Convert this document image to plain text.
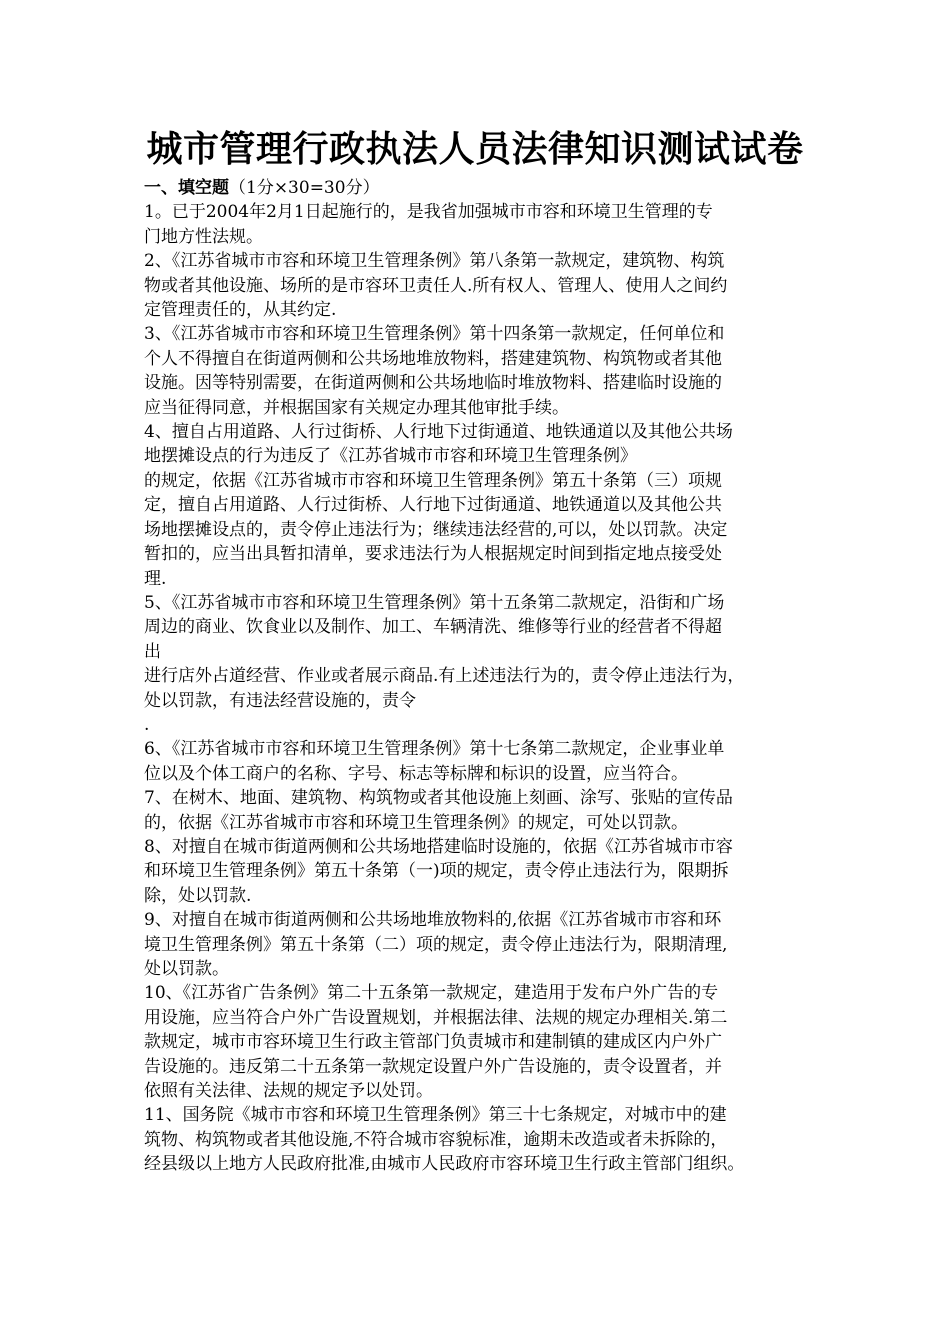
城市管理行政执法人员法律知识测试试卷

一、填空题（1分×30=30分）

1。已于2004年2月1日起施行的，是我省加强城市市容和环境卫生管理的专
门地方性法规。

2、《江苏省城市市容和环境卫生管理条例》第八条第一款规定，建筑物、构筑
物或者其他设施、场所的是市容环卫责任人.所有权人、管理人、使用人之间约
定管理责任的，从其约定.

3、《江苏省城市市容和环境卫生管理条例》第十四条第一款规定，任何单位和
个人不得擅自在街道两侧和公共场地堆放物料，搭建建筑物、构筑物或者其他
设施。因等特别需要，在街道两侧和公共场地临时堆放物料、搭建临时设施的
应当征得同意，并根据国家有关规定办理其他审批手续。

4、擅自占用道路、人行过街桥、人行地下过街通道、地铁通道以及其他公共场
地摆摊设点的行为违反了《江苏省城市市容和环境卫生管理条例》
的规定，依据《江苏省城市市容和环境卫生管理条例》第五十条第（三）项规
定，擅自占用道路、人行过街桥、人行地下过街通道、地铁通道以及其他公共
场地摆摊设点的，责令停止违法行为；继续违法经营的,可以，处以罚款。决定
暂扣的，应当出具暂扣清单，要求违法行为人根据规定时间到指定地点接受处
理.

5、《江苏省城市市容和环境卫生管理条例》第十五条第二款规定，沿街和广场
周边的商业、饮食业以及制作、加工、车辆清洗、维修等行业的经营者不得超
出
进行店外占道经营、作业或者展示商品.有上述违法行为的，责令停止违法行为，
处以罚款，有违法经营设施的，责令
.

6、《江苏省城市市容和环境卫生管理条例》第十七条第二款规定，企业事业单
位以及个体工商户的名称、字号、标志等标牌和标识的设置，应当符合。

7、在树木、地面、建筑物、构筑物或者其他设施上刻画、涂写、张贴的宣传品
的，依据《江苏省城市市容和环境卫生管理条例》的规定，可处以罚款。

8、对擅自在城市街道两侧和公共场地搭建临时设施的，依据《江苏省城市市容
和环境卫生管理条例》第五十条第（一)项的规定，责令停止违法行为，限期拆
除，处以罚款.

9、对擅自在城市街道两侧和公共场地堆放物料的,依据《江苏省城市市容和环
境卫生管理条例》第五十条第（二）项的规定，责令停止违法行为，限期清理,
处以罚款。

10、《江苏省广告条例》第二十五条第一款规定，建造用于发布户外广告的专
用设施，应当符合户外广告设置规划，并根据法律、法规的规定办理相关.第二
款规定，城市市容环境卫生行政主管部门负责城市和建制镇的建成区内户外广
告设施的。违反第二十五条第一款规定设置户外广告设施的，责令设置者，并
依照有关法律、法规的规定予以处罚。

11、国务院《城市市容和环境卫生管理条例》第三十七条规定，对城市中的建
筑物、构筑物或者其他设施,不符合城市容貌标准，逾期未改造或者未拆除的，
经县级以上地方人民政府批准,由城市人民政府市容环境卫生行政主管部门组织。
